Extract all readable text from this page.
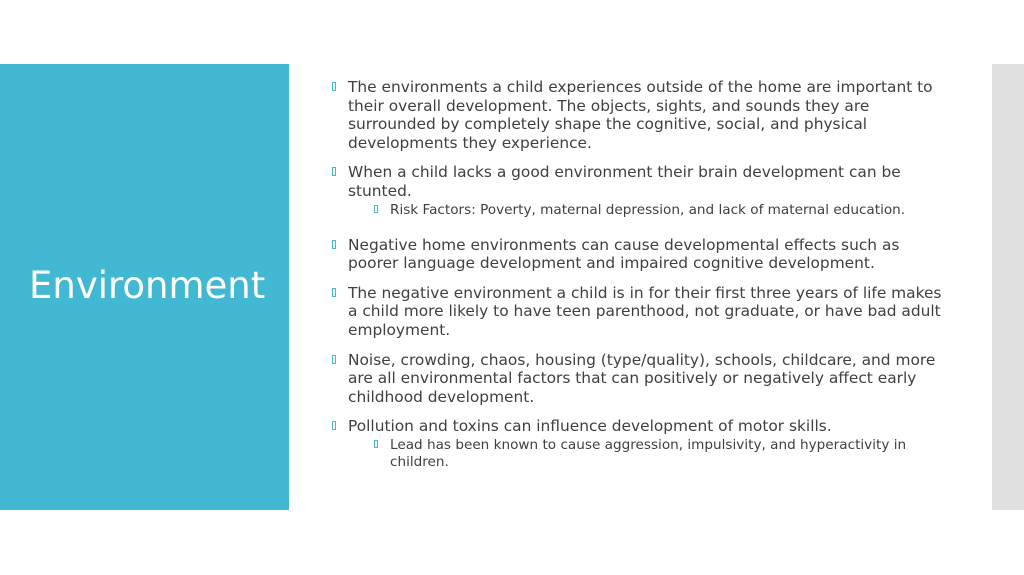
Environment
The environments a child experiences outside of the home are important to their overall development. The objects, sights, and sounds they are surrounded by completely shape the cognitive, social, and physical developments they experience.
When a child lacks a good environment their brain development can be stunted.
Risk Factors: Poverty, maternal depression, and lack of maternal education.
Negative home environments can cause developmental effects such as poorer language development and impaired cognitive development.
The negative environment a child is in for their first three years of life makes a child more likely to have teen parenthood, not graduate, or have bad adult employment.
Noise, crowding, chaos, housing (type/quality), schools, childcare, and more are all environmental factors that can positively or negatively affect early childhood development.
Pollution and toxins can influence development of motor skills.
Lead has been known to cause aggression, impulsivity, and hyperactivity in children.
